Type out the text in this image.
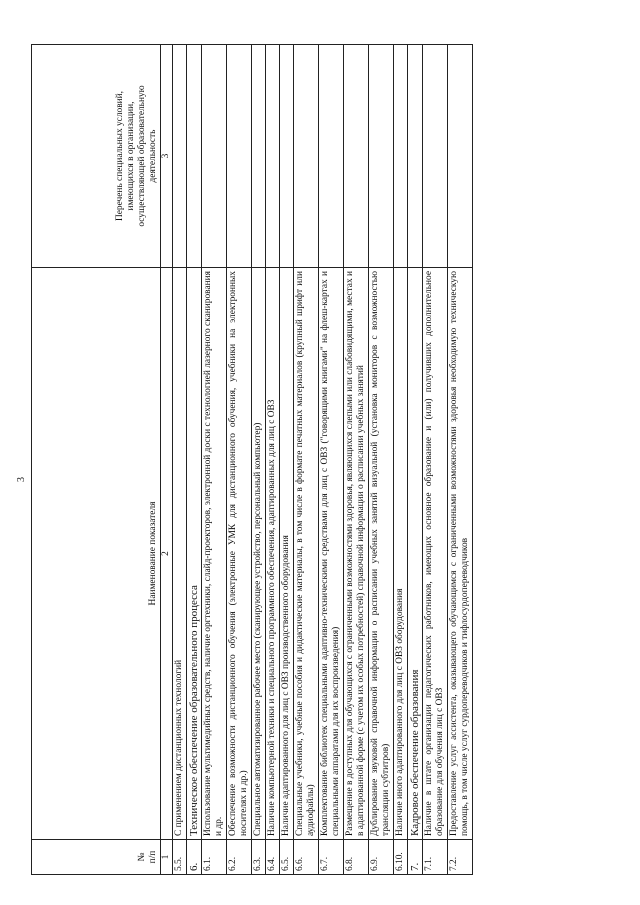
3
№
п/п	Наименование показателя	Перечень специальных условий,
имеющихся в организации,
осуществляющей образовательную
деятельность
1	2	3
5.5.	С применением дистанционных технологий	
6.	Техническое обеспечение образовательного процесса	
6.1.	Использование мультимедийных средств, наличие оргтехники, слайд-проекторов, электронной доски с технологией лазерного сканирования и др.	
6.2.	Обеспечение возможности дистанционного обучения (электронные УМК для дистанционного обучения, учебники на электронных носителях и др.)	
6.3.	Специальное автоматизированное рабочее место (сканирующее устройство, персональный компьютер)	
6.4.	Наличие компьютерной техники и специального программного обеспечения, адаптированных для лиц с ОВЗ	
6.5.	Наличие адаптированного для лиц с ОВЗ производственного оборудования	
6.6.	Специальные учебники, учебные пособия и дидактические материалы, в том числе в формате печатных материалов (крупный шрифт или аудиофайлы)	
6.7.	Комплектование библиотек специальными адаптивно-техническими средствами для лиц с ОВЗ ("говорящими книгами" на флеш-картах и специальными аппаратами для их воспроизведения)	
6.8.	Размещение в доступных для обучающихся с ограниченными возможностями здоровья, являющихся слепыми или слабовидящими, местах и в адаптированной форме (с учетом их особых потребностей) справочной информации о расписании учебных занятий	
6.9.	Дублирование звуковой справочной информации о расписании учебных занятий визуальной (установка мониторов с возможностью трансляции субтитров)	
6.10.	Наличие иного адаптированного для лиц с ОВЗ оборудования	
7.	Кадровое обеспечение образования	
7.1.	Наличие в штате организации педагогических работников, имеющих основное образование и (или) получивших дополнительное образование для обучения лиц с ОВЗ	
7.2.	Предоставление услуг ассистента, оказывающего обучающимся с ограниченными возможностями здоровья необходимую техническую помощь, в том числе услуг сурдопереводчиков и тифлосурдопереводчиков	
